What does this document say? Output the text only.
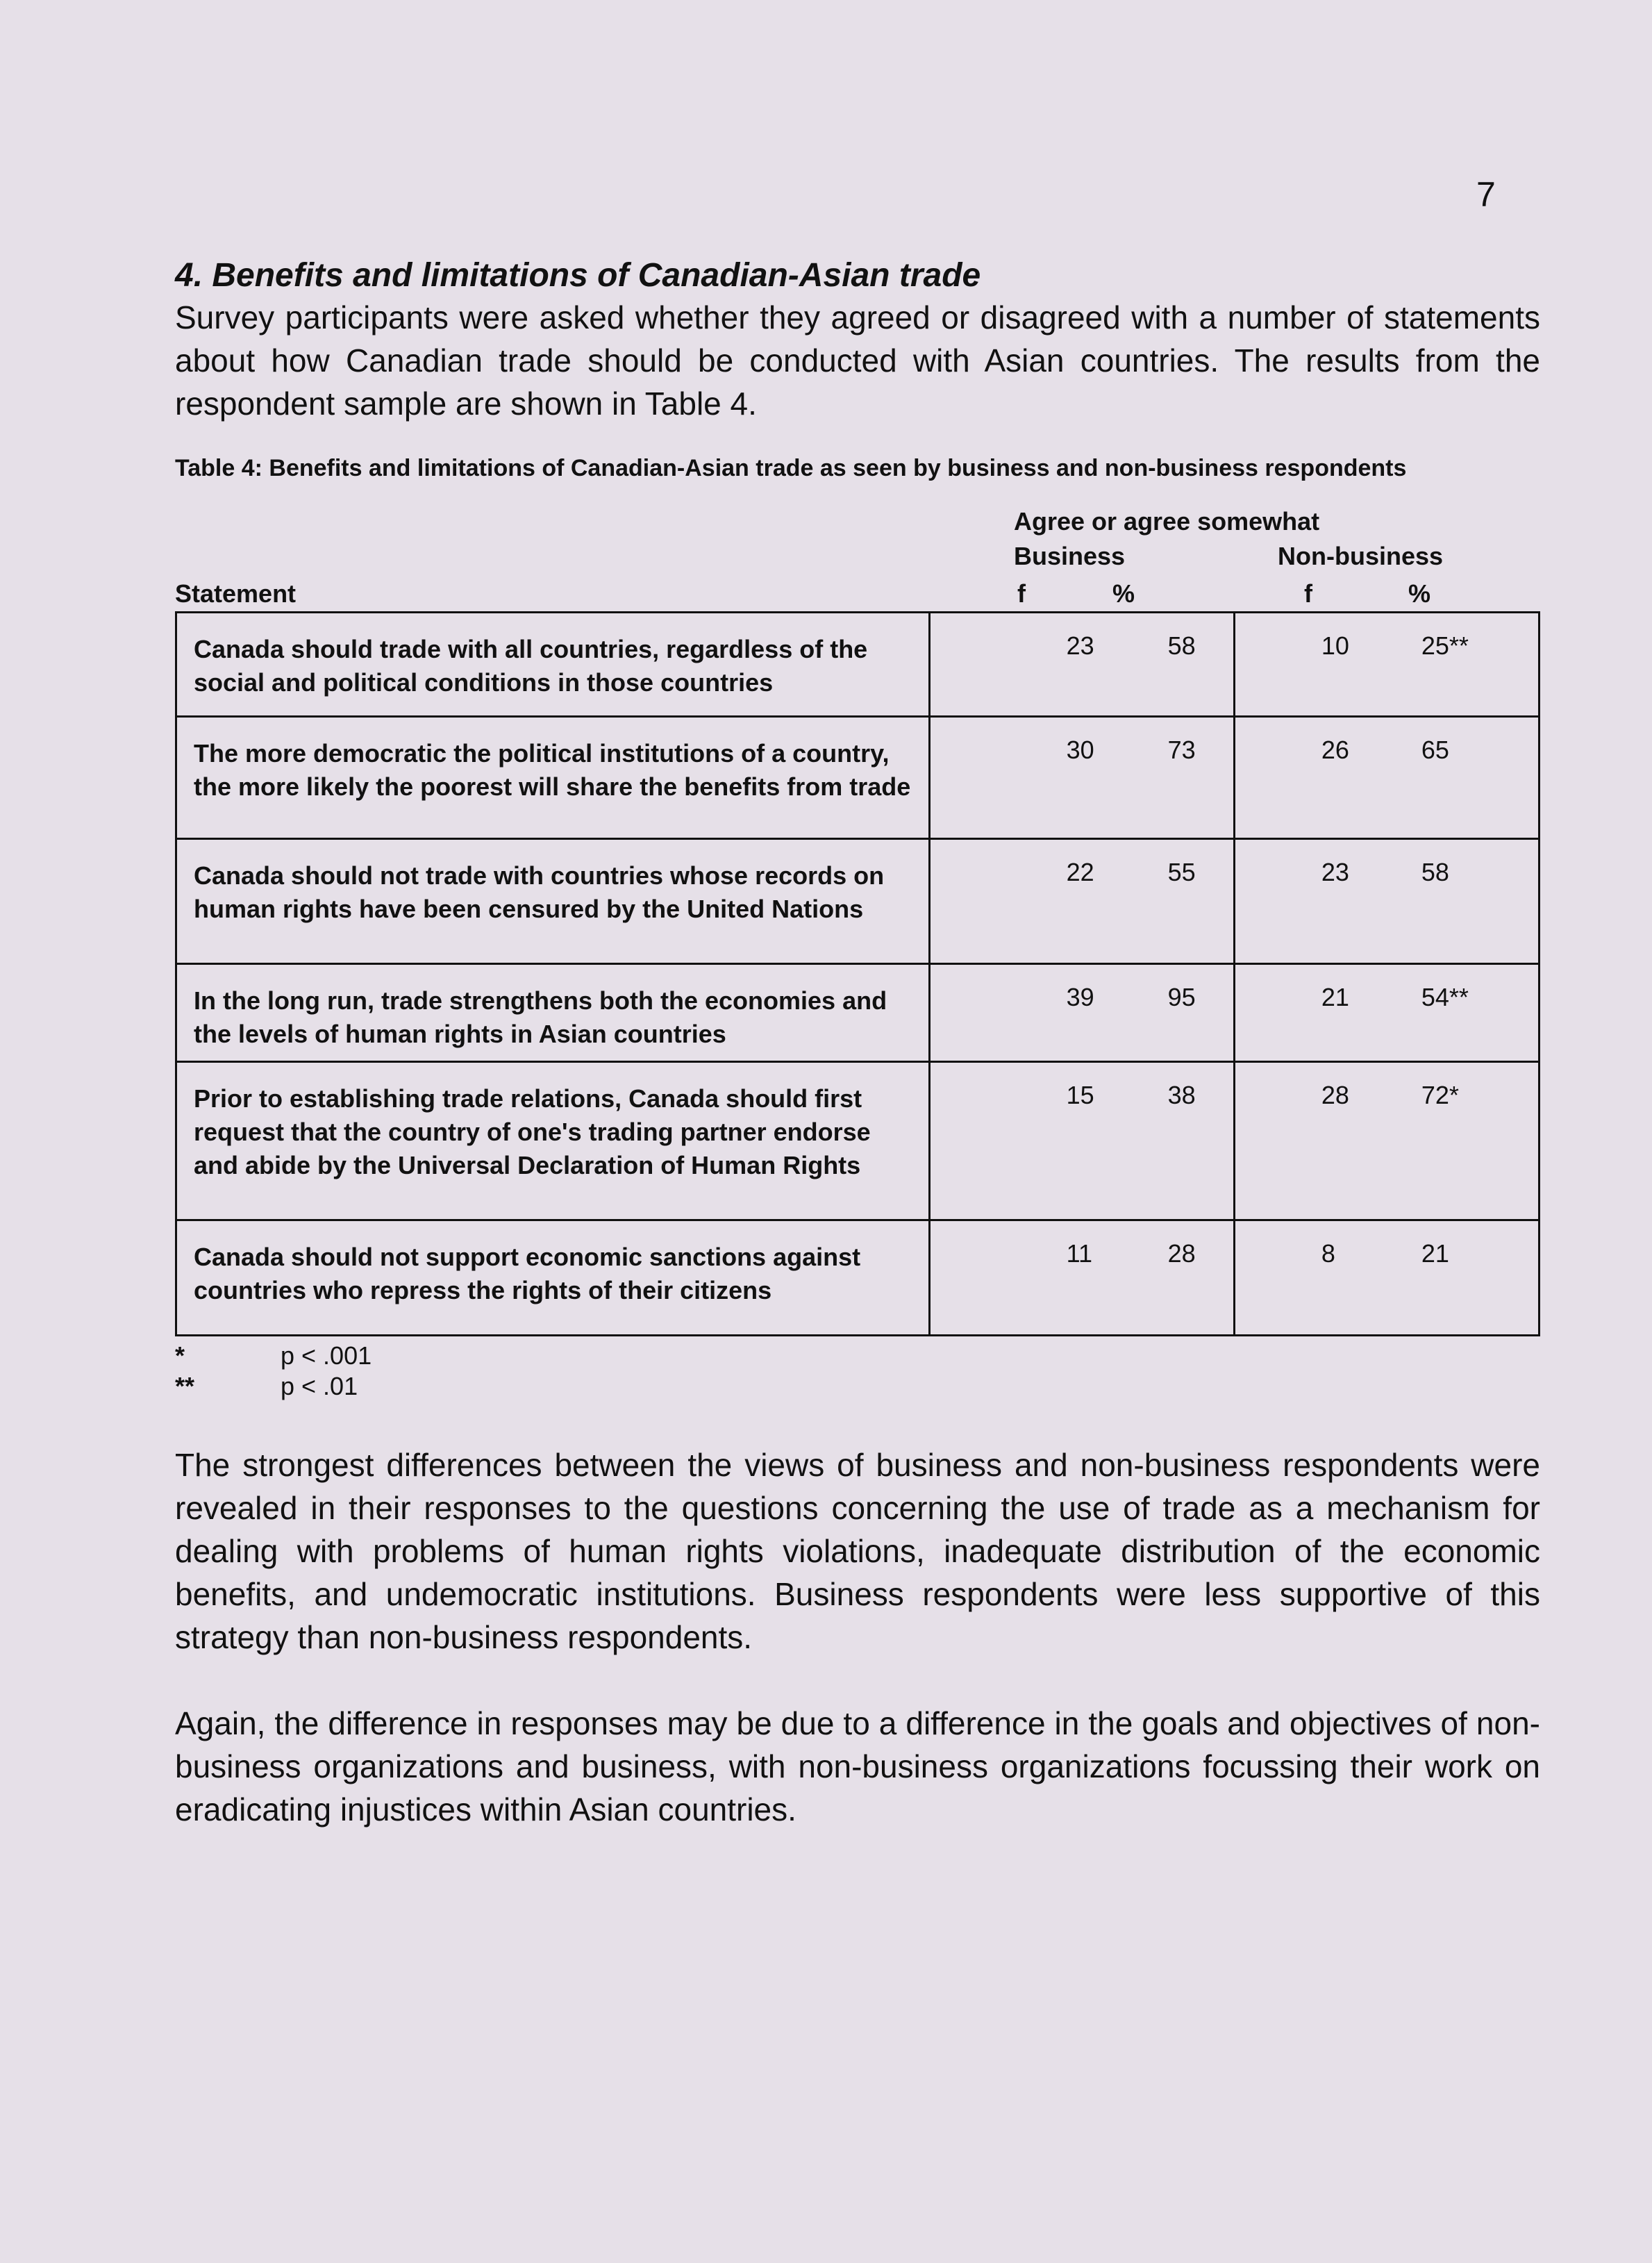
7
4. Benefits and limitations of Canadian-Asian trade

Survey participants were asked whether they agreed or disagreed with a number of statements about how Canadian trade should be conducted with Asian countries. The results from the respondent sample are shown in Table 4.

Table 4: Benefits and limitations of Canadian-Asian trade as seen by business and non-business respondents
Agree or agree somewhat
Business	Non-business
Statement	f	%	f	%
Canada should trade with all countries, regardless of the social and political conditions in those countries	23 58	10 25**

The more democratic the political institutions of a country, the more likely the poorest will share the benefits from trade	30 73	26 65

Canada should not trade with countries whose records on human rights have been censured by the United Nations	22 55	23 58

In the long run, trade strengthens both the economies and the levels of human rights in Asian countries	39 95	21 54**

Prior to establishing trade relations, Canada should first request that the country of one's trading partner endorse and abide by the Universal Declaration of Human Rights	15 38	28 72*

Canada should not support economic sanctions against countries who repress the rights of their citizens	11 28	8 21
*	p < .001
**	p < .01

The strongest differences between the views of business and non-business respondents were revealed in their responses to the questions concerning the use of trade as a mechanism for dealing with problems of human rights violations, inadequate distribution of the economic benefits, and undemocratic institutions. Business respondents were less supportive of this strategy than non-business respondents.

Again, the difference in responses may be due to a difference in the goals and objectives of non-business organizations and business, with non-business organizations focussing their work on eradicating injustices within Asian countries.
